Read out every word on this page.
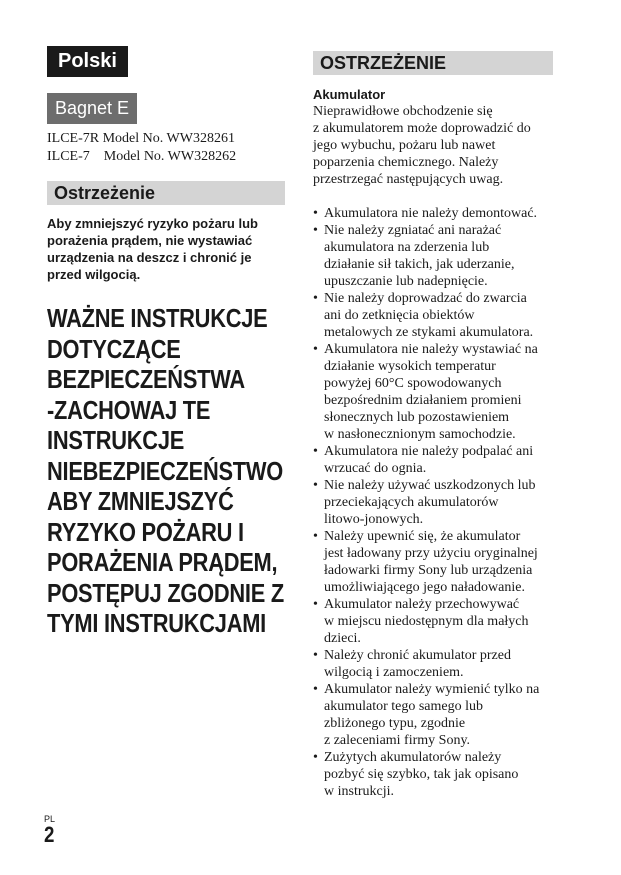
Polski
Bagnet E
ILCE-7R Model No. WW328261
ILCE-7    Model No. WW328262
Ostrzeżenie
Aby zmniejszyć ryzyko pożaru lub porażenia prądem, nie wystawiać urządzenia na deszcz i chronić je przed wilgocią.
WAŻNE INSTRUKCJE
DOTYCZĄCE
BEZPIECZEŃSTWA
-ZACHOWAJ TE
INSTRUKCJE
NIEBEZPIECZEŃSTWO
ABY ZMNIEJSZYĆ
RYZYKO POŻARU I
PORAŻENIA PRĄDEM,
POSTĘPUJ ZGODNIE Z
TYMI INSTRUKCJAMI
OSTRZEŻENIE
Akumulator
Nieprawidłowe obchodzenie się
z akumulatorem może doprowadzić do
jego wybuchu, pożaru lub nawet
poparzenia chemicznego. Należy
przestrzegać następujących uwag.
• Akumulatora nie należy demontować.
• Nie należy zgniatać ani narażać
akumulatora na zderzenia lub
działanie sił takich, jak uderzanie,
upuszczanie lub nadepnięcie.
• Nie należy doprowadzać do zwarcia
ani do zetknięcia obiektów
metalowych ze stykami akumulatora.
• Akumulatora nie należy wystawiać na
działanie wysokich temperatur
powyżej 60°C spowodowanych
bezpośrednim działaniem promieni
słonecznych lub pozostawieniem
w nasłonecznionym samochodzie.
• Akumulatora nie należy podpalać ani
wrzucać do ognia.
• Nie należy używać uszkodzonych lub
przeciekających akumulatorów
litowo-jonowych.
• Należy upewnić się, że akumulator
jest ładowany przy użyciu oryginalnej
ładowarki firmy Sony lub urządzenia
umożliwiającego jego naładowanie.
• Akumulator należy przechowywać
w miejscu niedostępnym dla małych
dzieci.
• Należy chronić akumulator przed
wilgocią i zamoczeniem.
• Akumulator należy wymienić tylko na
akumulator tego samego lub
zbliżonego typu, zgodnie
z zaleceniami firmy Sony.
• Zużytych akumulatorów należy
pozbyć się szybko, tak jak opisano
w instrukcji.
PL
2
